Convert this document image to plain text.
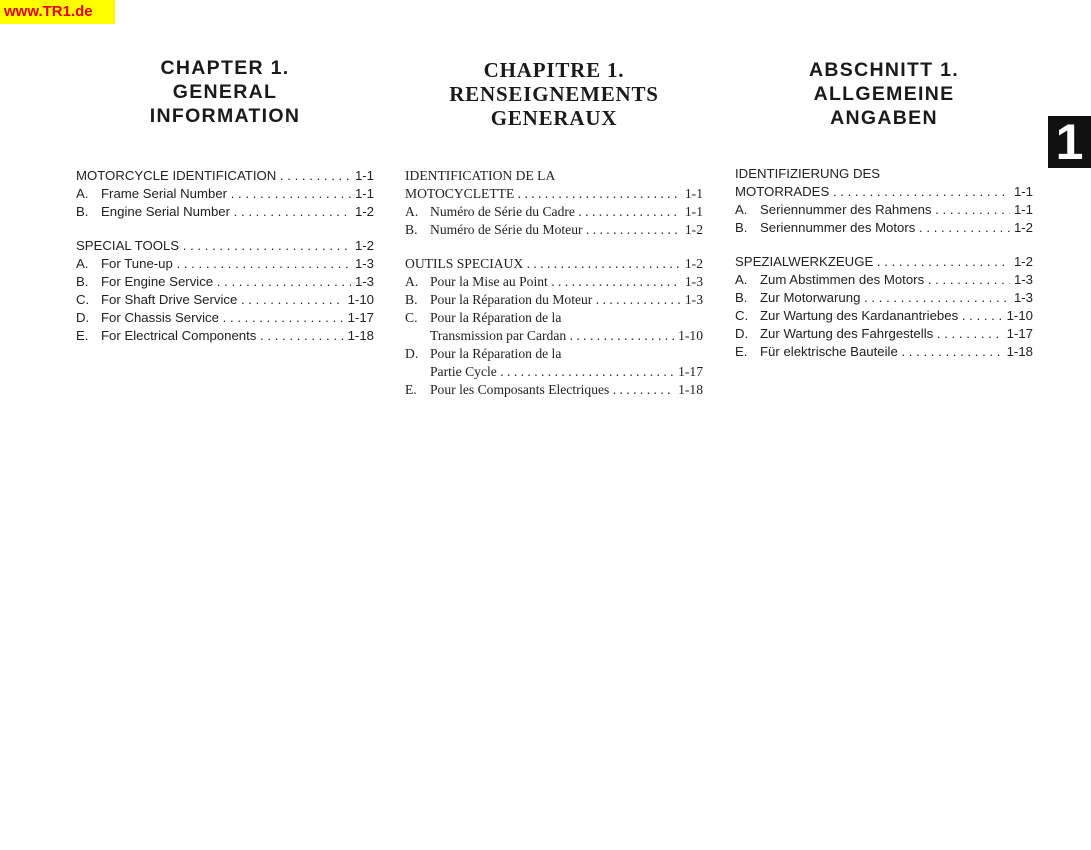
www.TR1.de
1
CHAPTER 1.
GENERAL
INFORMATION
MOTORCYCLE IDENTIFICATION . . .	1-1
A. Frame Serial Number . . .	1-1
B. Engine Serial Number . . .	1-2
SPECIAL TOOLS . . .	1-2
A. For Tune-up . . .	1-3
B. For Engine Service . . .	1-3
C. For Shaft Drive Service . . .	1-10
D. For Chassis Service . . .	1-17
E. For Electrical Components . . .	1-18
CHAPITRE 1.
RENSEIGNEMENTS
GENERAUX
IDENTIFICATION DE LA
MOTOCYCLETTE . . .	1-1
A. Numéro de Série du Cadre . . .	1-1
B. Numéro de Série du Moteur . . .	1-2
OUTILS SPECIAUX . . .	1-2
A. Pour la Mise au Point . . .	1-3
B. Pour la Réparation du Moteur . . .	1-3
C. Pour la Réparation de la
Transmission par Cardan . . .	1-10
D. Pour la Réparation de la
Partie Cycle . . .	1-17
E. Pour les Composants Electriques . . .	1-18
ABSCHNITT 1.
ALLGEMEINE
ANGABEN
IDENTIFIZIERUNG DES
MOTORRADES . . .	1-1
A. Seriennummer des Rahmens . . .	1-1
B. Seriennummer des Motors . . .	1-2
SPEZIALWERKZEUGE . . .	1-2
A. Zum Abstimmen des Motors . . .	1-3
B. Zur Motorwarung . . .	1-3
C. Zur Wartung des Kardanantriebes . . .	1-10
D. Zur Wartung des Fahrgestells . . .	1-17
E. Für elektrische Bauteile . . .	1-18
